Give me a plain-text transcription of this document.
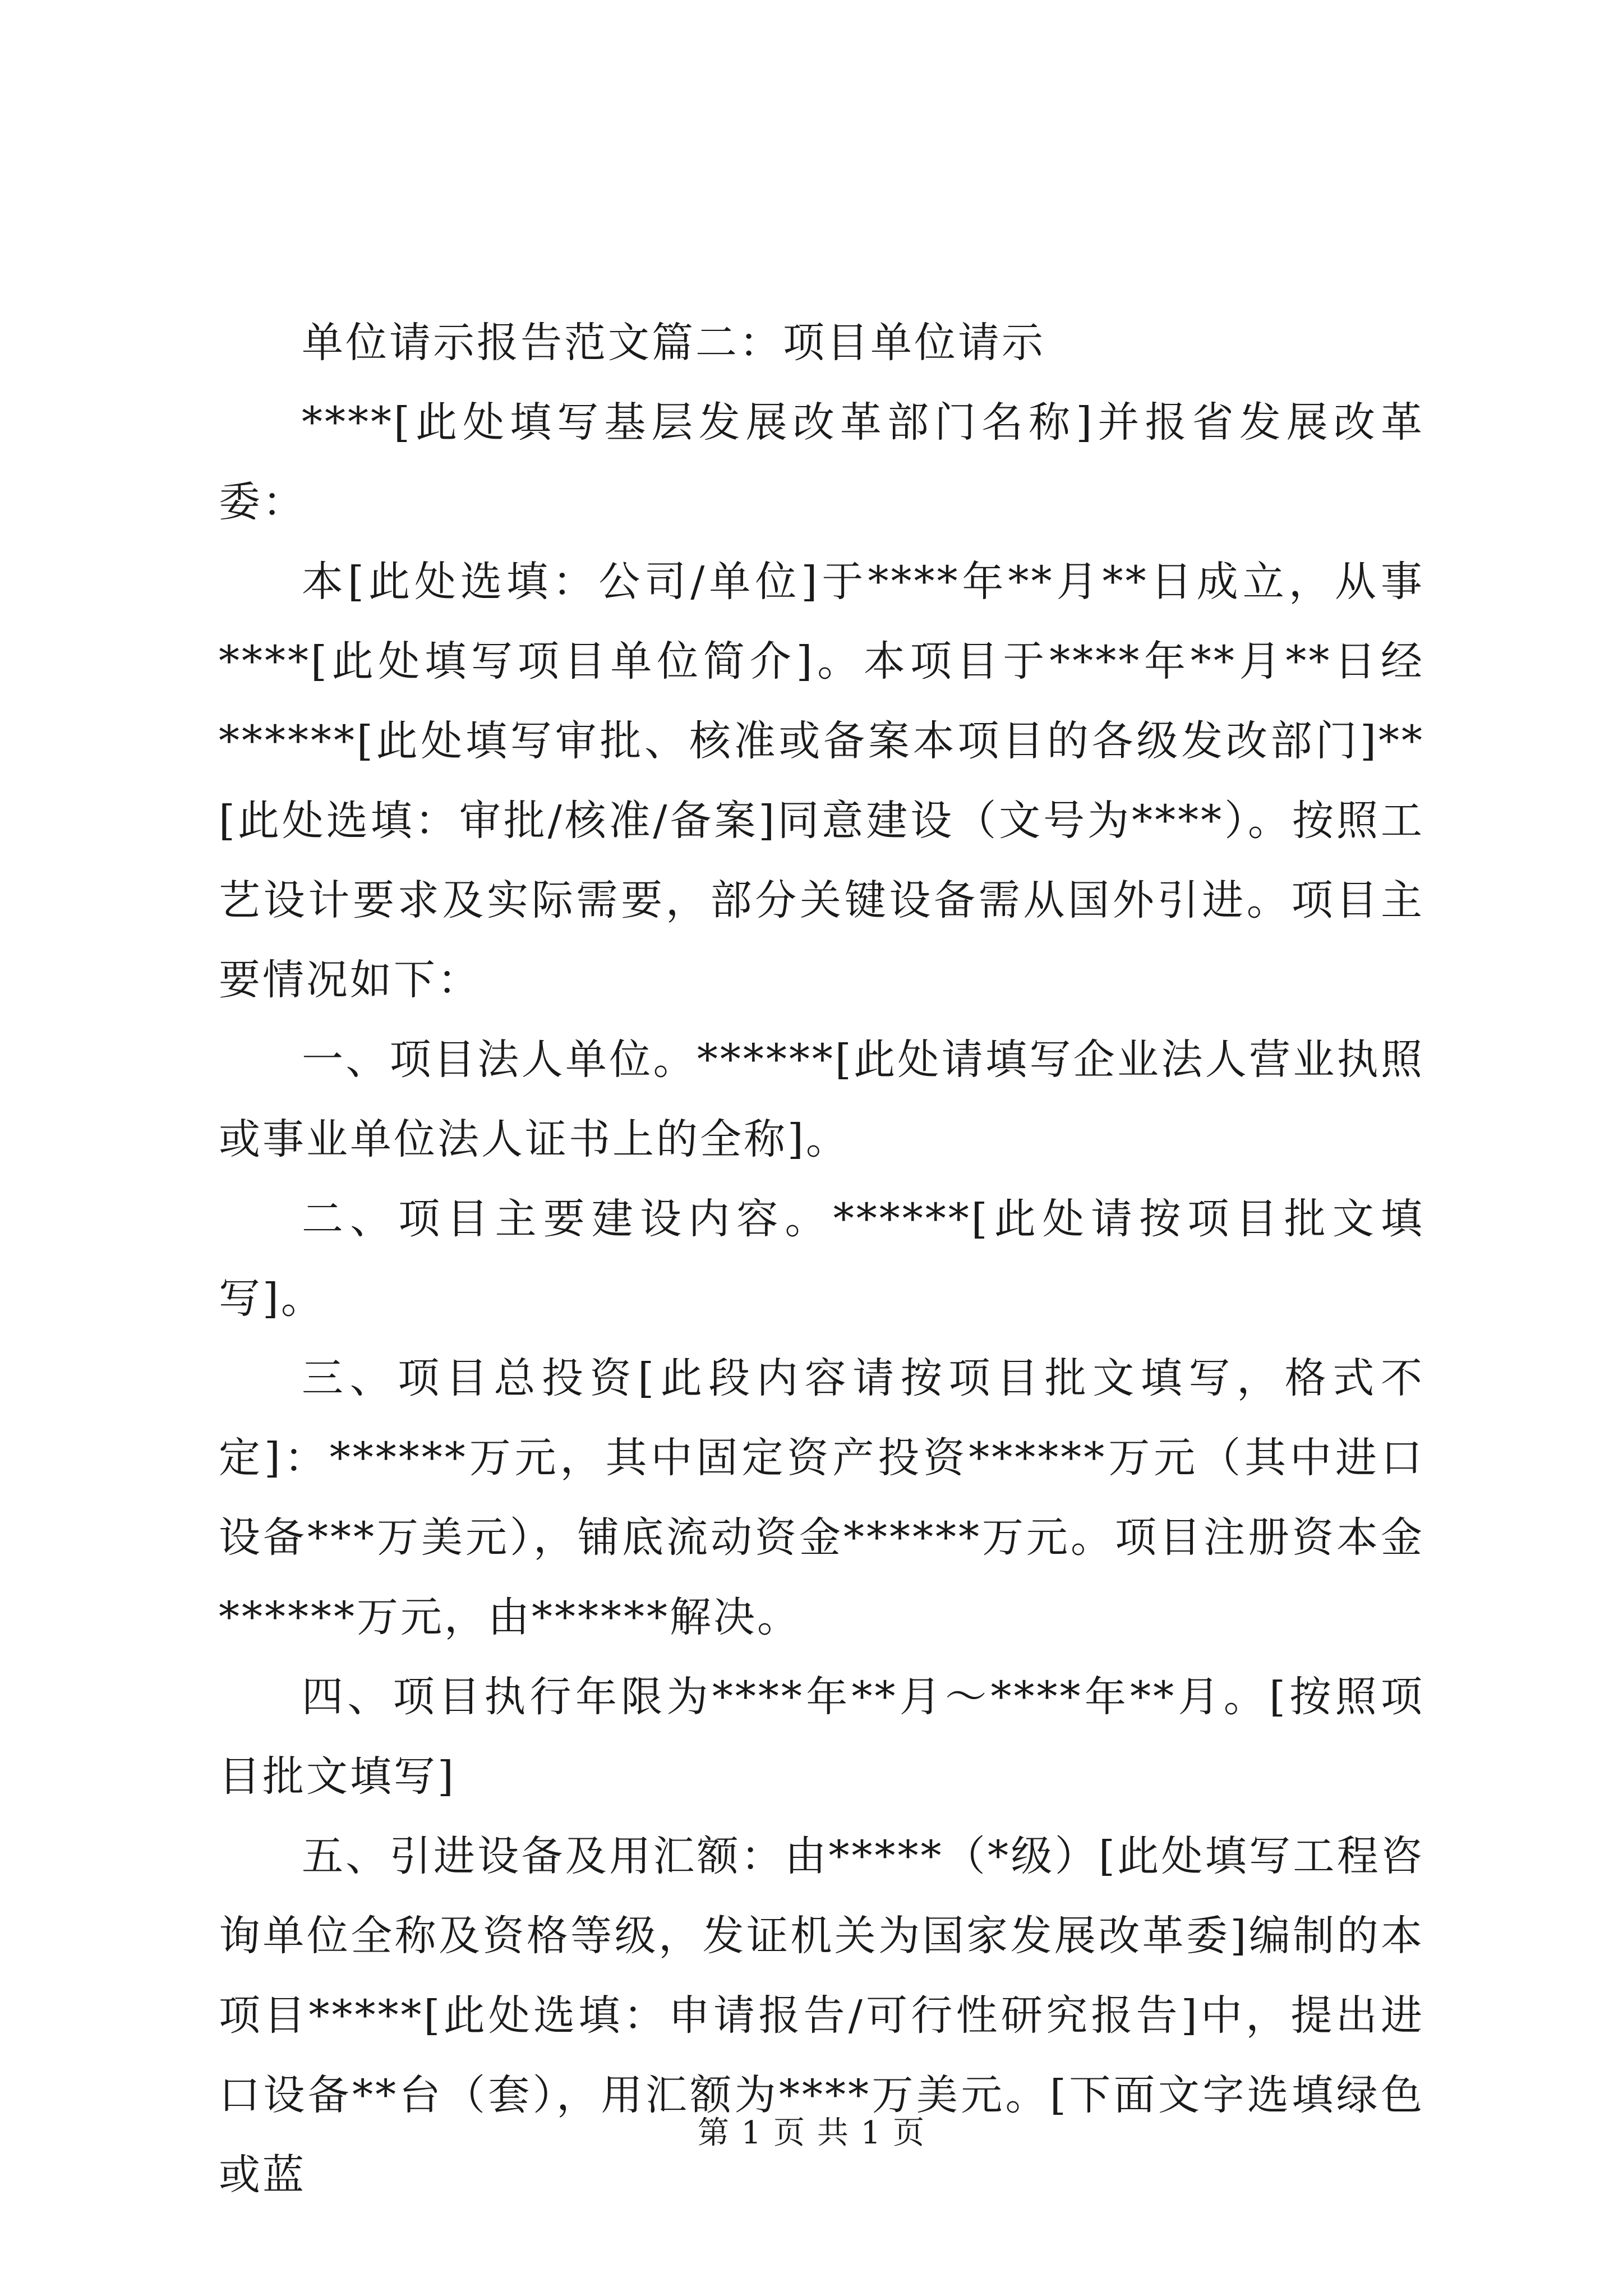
单位请示报告范文篇二：项目单位请示

****[此处填写基层发展改革部门名称]并报省发展改革委：

本[此处选填：公司/单位]于****年**月**日成立，从事****[此处填写项目单位简介]。本项目于****年**月**日经******[此处填写审批、核准或备案本项目的各级发改部门]**[此处选填：审批/核准/备案]同意建设（文号为****）。按照工艺设计要求及实际需要，部分关键设备需从国外引进。项目主要情况如下：

一、项目法人单位。******[此处请填写企业法人营业执照或事业单位法人证书上的全称]。

二、项目主要建设内容。******[此处请按项目批文填写]。

三、项目总投资[此段内容请按项目批文填写，格式不定]：******万元，其中固定资产投资******万元（其中进口设备***万美元），铺底流动资金******万元。项目注册资本金******万元，由******解决。

四、项目执行年限为****年**月～****年**月。[按照项目批文填写]

五、引进设备及用汇额：由*****（*级）[此处填写工程咨询单位全称及资格等级，发证机关为国家发展改革委]编制的本项目*****[此处选填：申请报告/可行性研究报告]中，提出进口设备**台（套），用汇额为****万美元。[下面文字选填绿色或蓝

第 1 页 共 1 页
